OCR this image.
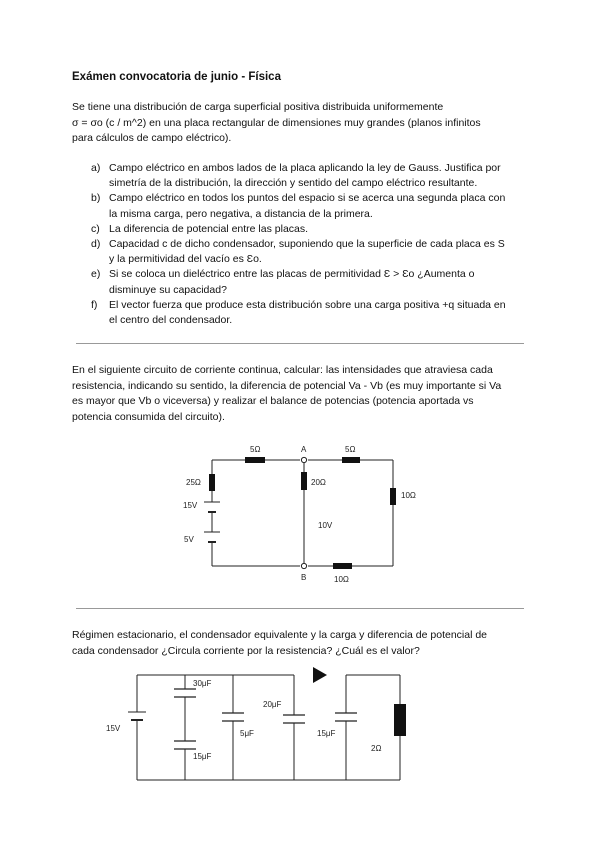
Exámen convocatoria de junio - Física

Se tiene una distribución de carga superficial positiva distribuida uniformemente

σ = σo (c / m^2) en una placa rectangular de dimensiones muy grandes (planos infinitos

para cálculos de campo eléctrico).

a) Campo eléctrico en ambos lados de la placa aplicando la ley de Gauss. Justifica por
simetría de la distribución, la dirección y sentido del campo eléctrico resultante.
b) Campo eléctrico en todos los puntos del espacio si se acerca una segunda placa con
la misma carga, pero negativa, a distancia de la primera.
c) La diferencia de potencial entre las placas.
d) Capacidad c de dicho condensador, suponiendo que la superficie de cada placa es S
y la permitividad del vacío es Ɛo.
e) Si se coloca un dieléctrico entre las placas de permitividad Ɛ > Ɛo ¿Aumenta o
disminuye su capacidad?
f) El vector fuerza que produce esta distribución sobre una carga positiva +q situada en
el centro del condensador.

En el siguiente circuito de corriente continua, calcular: las intensidades que atraviesa cada

resistencia, indicando su sentido, la diferencia de potencial Va - Vb (es muy importante si Va

es mayor que Vb o viceversa) y realizar el balance de potencias (potencia aportada vs

potencia consumida del circuito).

5Ω	5Ω
A
B
25Ω
15V
5V
20Ω
10V
10Ω
10Ω
15V
30μF
15μF
5μF
20μF
15μF
2Ω

Régimen estacionario, el condensador equivalente y la carga y diferencia de potencial de

cada condensador ¿Circula corriente por la resistencia? ¿Cuál es el valor?
